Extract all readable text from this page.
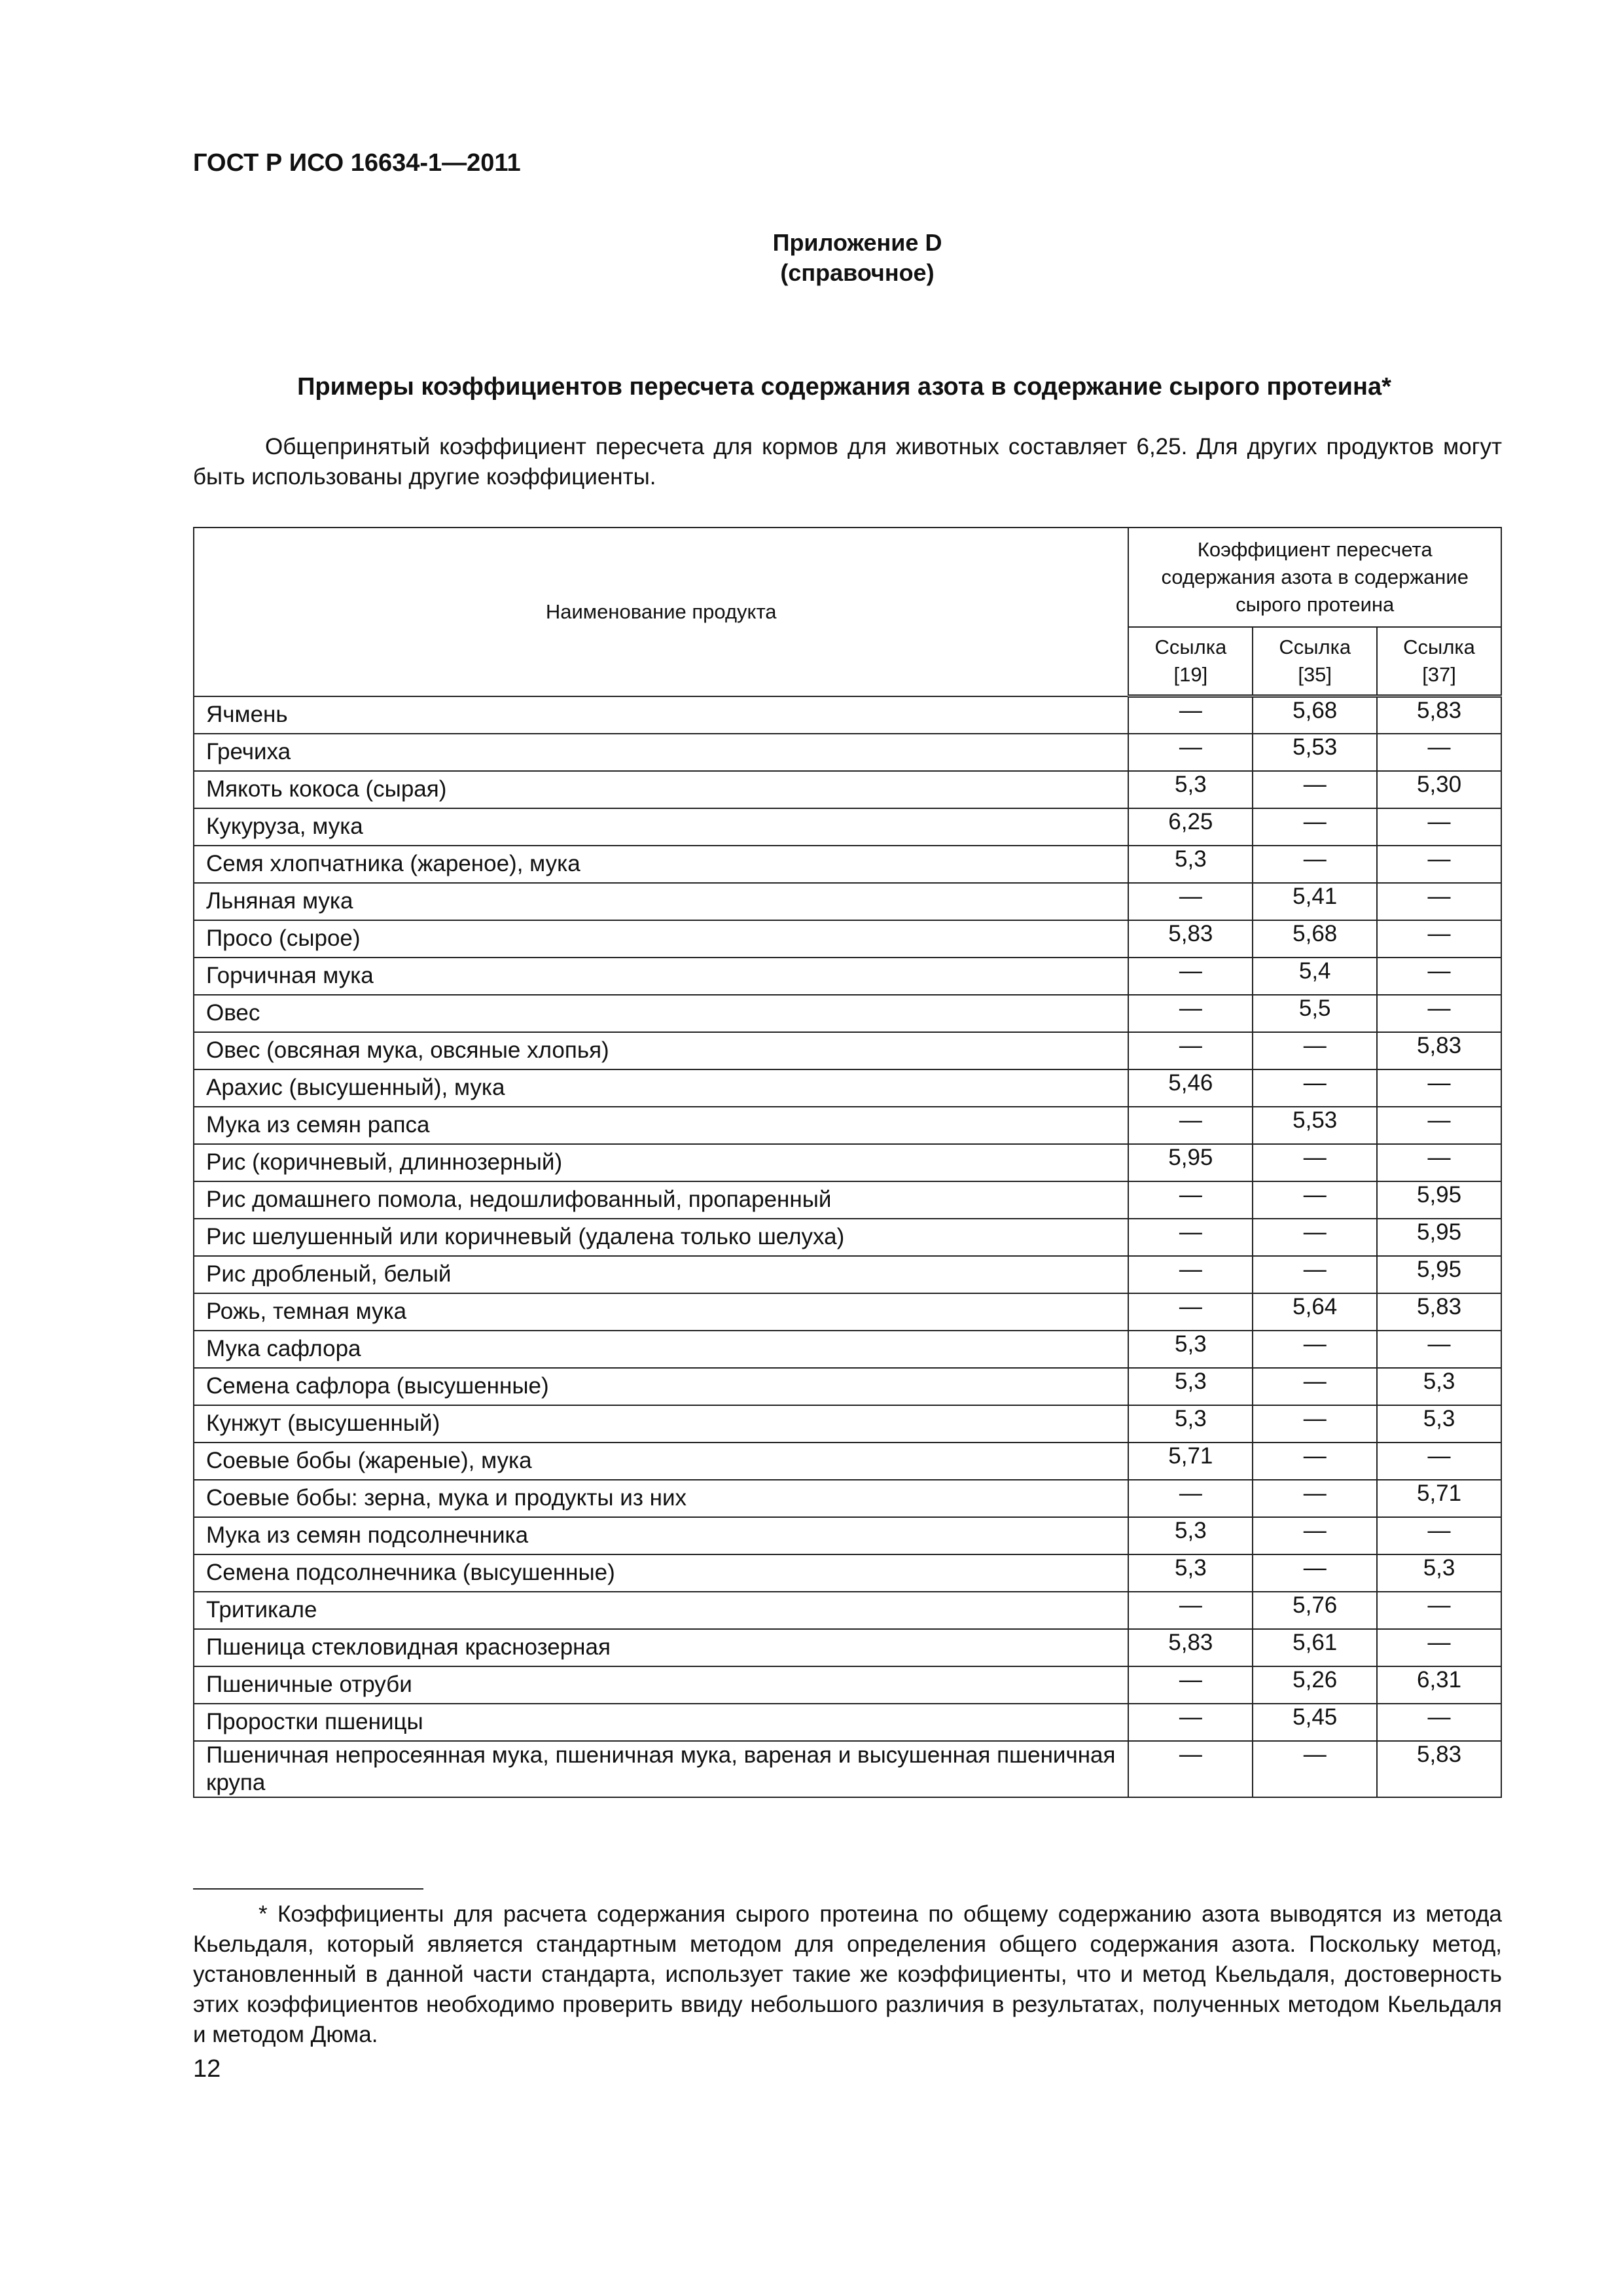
ГОСТ Р ИСО 16634-1—2011
Приложение D
(справочное)
Примеры коэффициентов пересчета содержания азота в содержание сырого протеина*
Общепринятый коэффициент пересчета для кормов для животных составляет 6,25. Для других продуктов могут быть использованы другие коэффициенты.
Наименование продукта	Коэффициент пересчета содержания азота в содержание сырого протеина		
	Ссылка [19]	Ссылка [35]	Ссылка [37]
Ячмень	—	5,68	5,83
Гречиха	—	5,53	—
Мякоть кокоса (сырая)	5,3	—	5,30
Кукуруза, мука	6,25	—	—
Семя хлопчатника (жареное), мука	5,3	—	—
Льняная мука	—	5,41	—
Просо (сырое)	5,83	5,68	—
Горчичная мука	—	5,4	—
Овес	—	5,5	—
Овес (овсяная мука, овсяные хлопья)	—	—	5,83
Арахис (высушенный), мука	5,46	—	—
Мука из семян рапса	—	5,53	—
Рис (коричневый, длиннозерный)	5,95	—	—
Рис домашнего помола, недошлифованный, пропаренный	—	—	5,95
Рис шелушенный или коричневый (удалена только шелуха)	—	—	5,95
Рис дробленый, белый	—	—	5,95
Рожь, темная мука	—	5,64	5,83
Мука сафлора	5,3	—	—
Семена сафлора (высушенные)	5,3	—	5,3
Кунжут (высушенный)	5,3	—	5,3
Соевые бобы (жареные), мука	5,71	—	—
Соевые бобы: зерна, мука и продукты из них	—	—	5,71
Мука из семян подсолнечника	5,3	—	—
Семена подсолнечника (высушенные)	5,3	—	5,3
Тритикале	—	5,76	—
Пшеница стекловидная краснозерная	5,83	5,61	—
Пшеничные отруби	—	5,26	6,31
Проростки пшеницы	—	5,45	—
Пшеничная непросеянная мука, пшеничная мука, вареная и высушенная пшеничная крупа	—	—	5,83
* Коэффициенты для расчета содержания сырого протеина по общему содержанию азота выводятся из метода Кьельдаля, который является стандартным методом для определения общего содержания азота. Поскольку метод, установленный в данной части стандарта, использует такие же коэффициенты, что и метод Кьельдаля, достоверность этих коэффициентов необходимо проверить ввиду небольшого различия в результатах, полученных методом Кьельдаля и методом Дюма.
12
